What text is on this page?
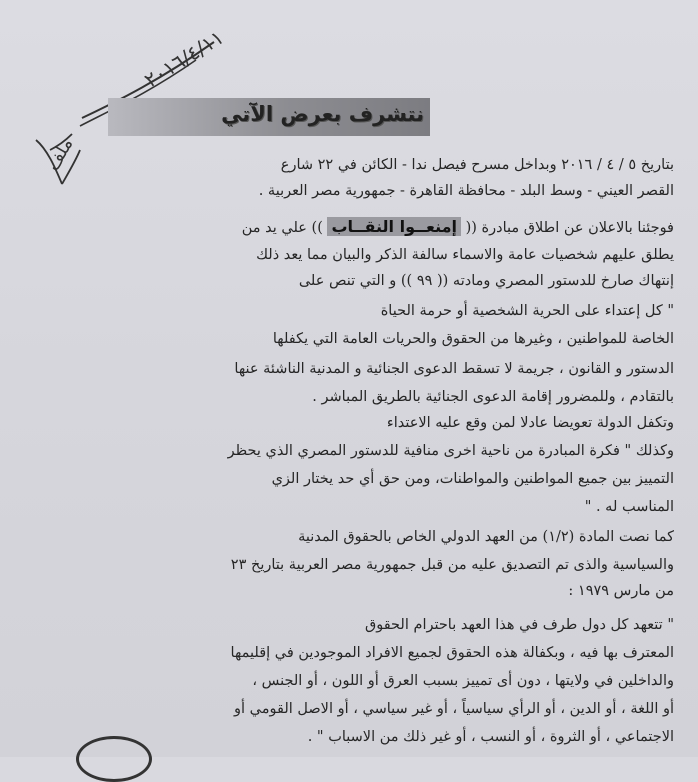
٢٠١٦/٤/١١
ملف
نتشرف بعرض الآتي
بتاريخ ٥ / ٤ / ٢٠١٦ وبداخل مسرح فيصل ندا - الكائن في ٢٢ شارع
القصر العيني - وسط البلد - محافظة القاهرة - جمهورية مصر العربية .
فوجئنا بالاعلان عن اطلاق مبادرة (( إمنعــوا النقــاب )) علي يد من
يطلق عليهم شخصيات عامة والاسماء سالفة الذكر والبيان مما يعد ذلك
إنتهاك صارخ للدستور المصري ومادته (( ٩٩ )) و التي تنص على
" كل إعتداء على الحرية الشخصية أو حرمة الحياة
الخاصة للمواطنين ، وغيرها من الحقوق والحريات العامة التي يكفلها
الدستور و القانون ، جريمة لا تسقط الدعوى الجنائية و المدنية الناشئة عنها
بالتقادم ، وللمضرور إقامة الدعوى الجنائية بالطريق المباشر .
وتكفل الدولة تعويضا عادلا لمن وقع عليه الاعتداء
وكذلك " فكرة المبادرة من ناحية اخرى منافية للدستور المصري الذي يحظر
التمييز بين جميع المواطنين والمواطنات، ومن حق أي حد يختار الزي
المناسب له . "
كما نصت المادة (١/٢) من العهد الدولي الخاص بالحقوق المدنية
والسياسية والذى تم التصديق عليه من قبل جمهورية مصر العربية بتاريخ ٢٣
من مارس ١٩٧٩ :
" تتعهد كل دول طرف في هذا العهد باحترام الحقوق
المعترف بها فيه ، وبكفالة هذه الحقوق لجميع الافراد الموجودين في إقليمها
والداخلين في ولايتها ، دون أى تمييز بسبب العرق أو اللون ، أو الجنس ،
أو اللغة ، أو الدين ، أو الرأي سياسياً ، أو غير سياسي ، أو الاصل القومي أو
الاجتماعي ، أو الثروة ، أو النسب ، أو غير ذلك من الاسباب " .
